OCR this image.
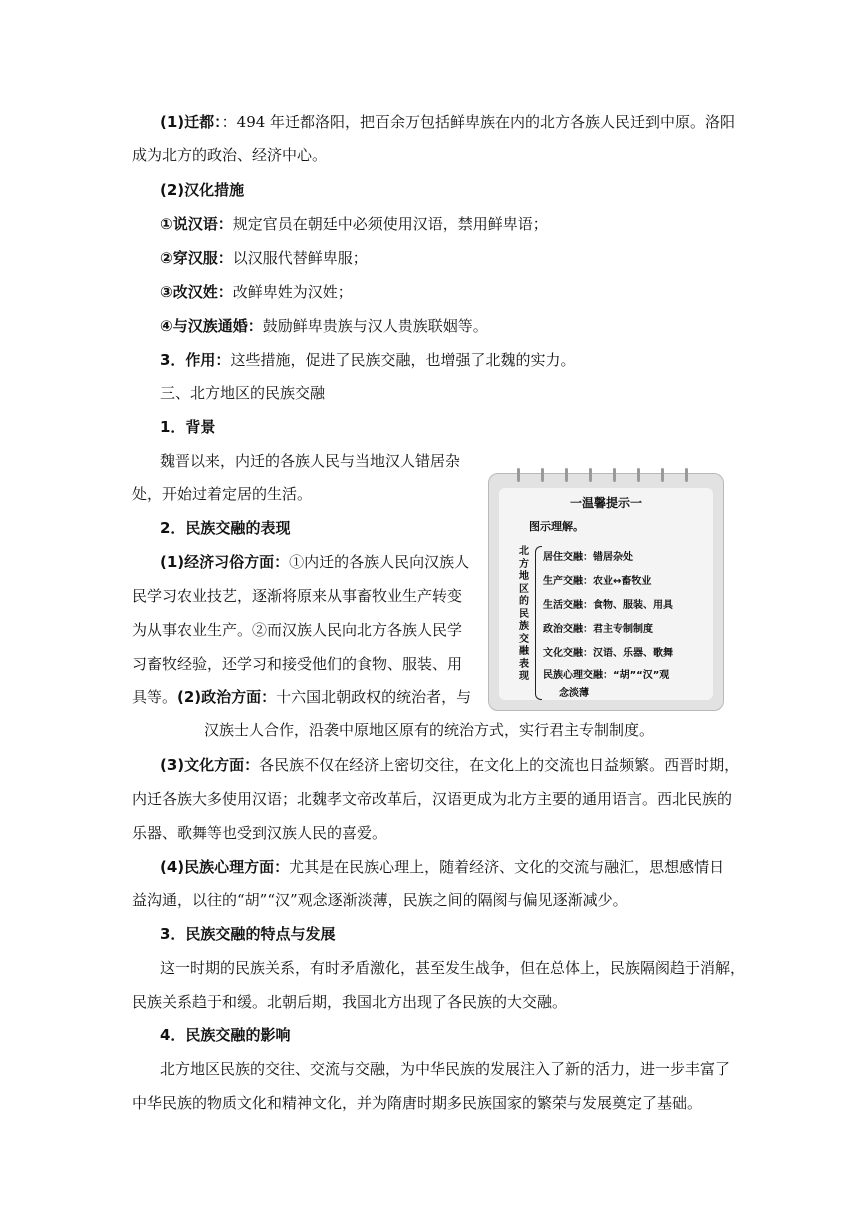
(1)迁都：：494 年迁都洛阳，把百余万包括鲜卑族在内的北方各族人民迁到中原。洛阳
成为北方的政治、经济中心。
(2)汉化措施
①说汉语：规定官员在朝廷中必须使用汉语，禁用鲜卑语；
②穿汉服：以汉服代替鲜卑服；
③改汉姓：改鲜卑姓为汉姓；
④与汉族通婚：鼓励鲜卑贵族与汉人贵族联姻等。
3．作用：这些措施，促进了民族交融，也增强了北魏的实力。
三、北方地区的民族交融
1．背景
魏晋以来，内迁的各族人民与当地汉人错居杂
处，开始过着定居的生活。
2．民族交融的表现
(1)经济习俗方面：①内迁的各族人民向汉族人
民学习农业技艺，逐渐将原来从事畜牧业生产转变
为从事农业生产。②而汉族人民向北方各族人民学
习畜牧经验，还学习和接受他们的食物、服装、用
具等。(2)政治方面：十六国北朝政权的统治者，与
汉族士人合作，沿袭中原地区原有的统治方式，实行君主专制制度。
(3)文化方面：各民族不仅在经济上密切交往，在文化上的交流也日益频繁。西晋时期，
内迁各族大多使用汉语；北魏孝文帝改革后，汉语更成为北方主要的通用语言。西北民族的
乐器、歌舞等也受到汉族人民的喜爱。
(4)民族心理方面：尤其是在民族心理上，随着经济、文化的交流与融汇，思想感情日
益沟通，以往的“胡”“汉”观念逐渐淡薄，民族之间的隔阂与偏见逐渐减少。
3．民族交融的特点与发展
这一时期的民族关系，有时矛盾激化，甚至发生战争，但在总体上，民族隔阂趋于消解，
民族关系趋于和缓。北朝后期，我国北方出现了各民族的大交融。
4．民族交融的影响
北方地区民族的交往、交流与交融，为中华民族的发展注入了新的活力，进一步丰富了
中华民族的物质文化和精神文化，并为隋唐时期多民族国家的繁荣与发展奠定了基础。
一温馨提示一
图示理解。
北方地区的民族交融表现
居住交融：错居杂处
生产交融：农业↔畜牧业
生活交融：食物、服装、用具
政治交融：君主专制制度
文化交融：汉语、乐器、歌舞
民族心理交融：“胡”“汉”观
念淡薄
